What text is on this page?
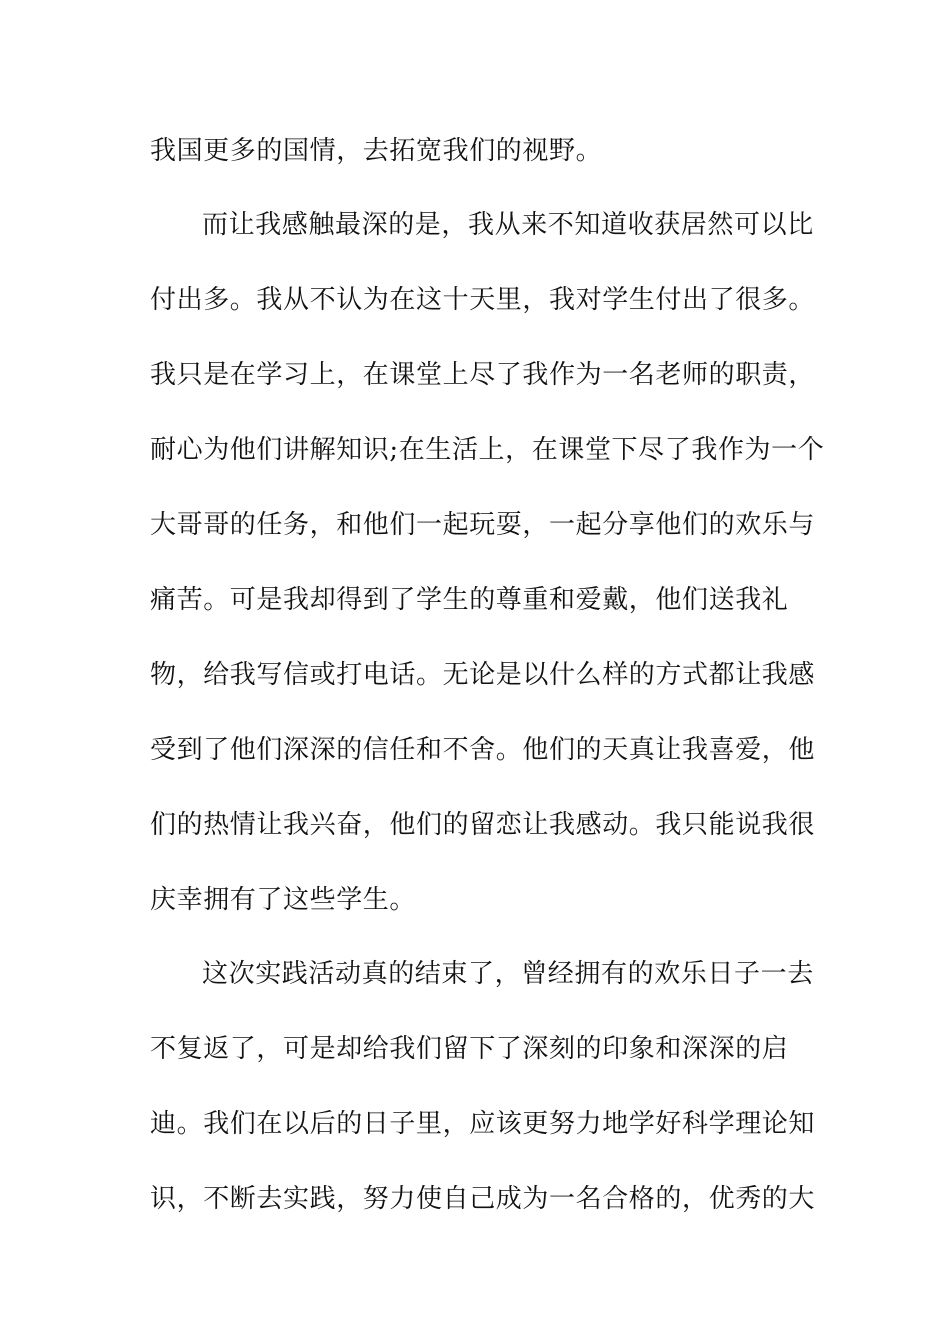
我国更多的国情，去拓宽我们的视野。
而让我感触最深的是，我从来不知道收获居然可以比
付出多。我从不认为在这十天里，我对学生付出了很多。
我只是在学习上，在课堂上尽了我作为一名老师的职责，
耐心为他们讲解知识;在生活上，在课堂下尽了我作为一个
大哥哥的任务，和他们一起玩耍，一起分享他们的欢乐与
痛苦。可是我却得到了学生的尊重和爱戴，他们送我礼
物，给我写信或打电话。无论是以什么样的方式都让我感
受到了他们深深的信任和不舍。他们的天真让我喜爱，他
们的热情让我兴奋，他们的留恋让我感动。我只能说我很
庆幸拥有了这些学生。
这次实践活动真的结束了，曾经拥有的欢乐日子一去
不复返了，可是却给我们留下了深刻的印象和深深的启
迪。我们在以后的日子里，应该更努力地学好科学理论知
识，不断去实践，努力使自己成为一名合格的，优秀的大
